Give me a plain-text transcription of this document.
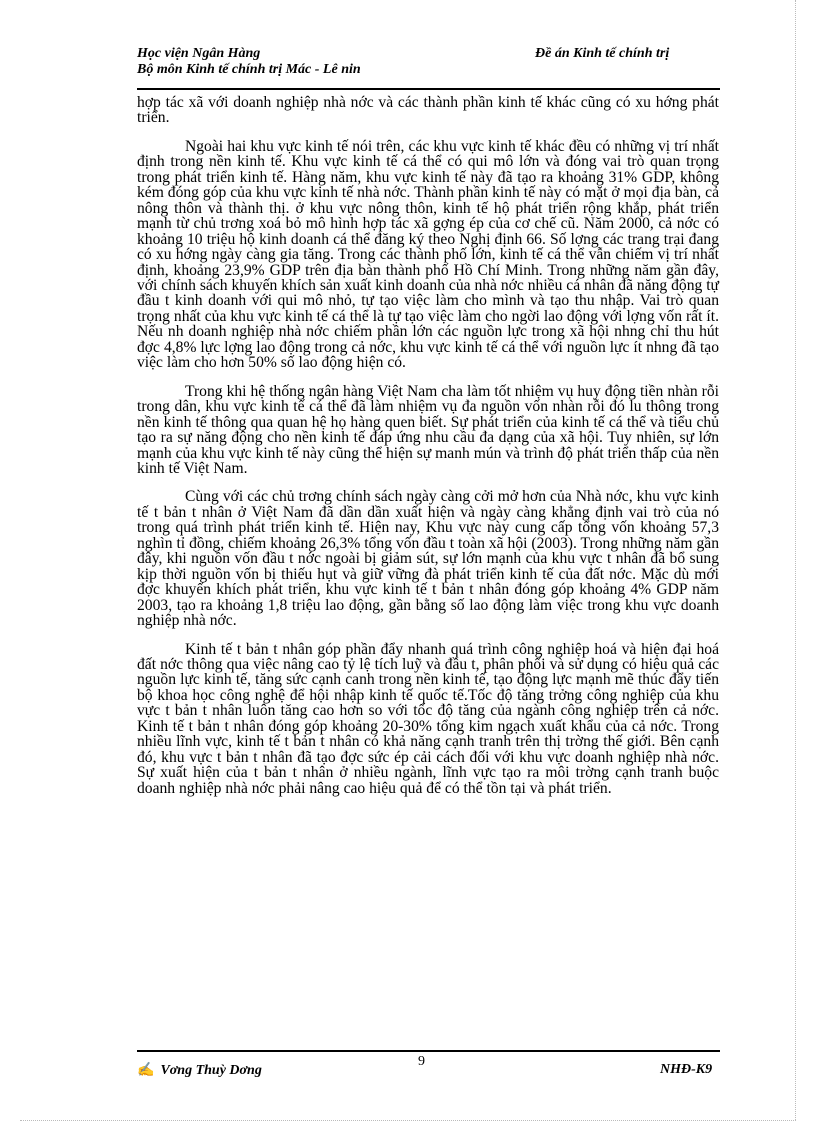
Học viện Ngân Hàng
Bộ môn Kinh tế chính trị Mác - Lê nin
Đề án Kinh tế chính trị

hợp tác xã với doanh nghiệp nhà nớc và các thành phần kinh tế khác cũng có xu hớng phát triển.

Ngoài hai khu vực kinh tế nói trên, các khu vực kinh tế khác đều có những vị trí nhất định trong nền kinh tế. Khu vực kinh tế cá thể có qui mô lớn và đóng vai trò quan trọng trong phát triển kinh tế. Hàng năm, khu vực kinh tế này đã tạo ra khoảng 31% GDP, không kém đóng góp của khu vực kinh tế nhà nớc. Thành phần kinh tế này có mặt ở mọi địa bàn, cả nông thôn và thành thị. ở khu vực nông thôn, kinh tế hộ phát triển rộng khắp, phát triển mạnh từ chủ trơng xoá bỏ mô hình hợp tác xã gợng ép của cơ chế cũ. Năm 2000, cả nớc có khoảng 10 triệu hộ kinh doanh cá thể đăng ký theo Nghị định 66. Số lợng các trang trại đang có xu hớng ngày càng gia tăng. Trong các thành phố lớn, kinh tế cá thể vẫn chiếm vị trí nhất định, khoảng 23,9% GDP trên địa bàn thành phố Hồ Chí Minh. Trong những năm gần đây, với chính sách khuyến khích sản xuất kinh doanh của nhà nớc nhiều cá nhân đã năng động tự đầu t kinh doanh với qui mô nhỏ, tự tạo việc làm cho mình và tạo thu nhập. Vai trò quan trọng nhất của khu vực kinh tế cá thể là tự tạo việc làm cho ngời lao động với lợng vốn rất ít. Nếu nh doanh nghiệp nhà nớc chiếm phần lớn các nguồn lực trong xã hội nhng chỉ thu hút đợc 4,8% lực lợng lao động trong cả nớc, khu vực kinh tế cá thể với nguồn lực ít nhng đã tạo việc làm cho hơn 50% số lao động hiện có.

Trong khi hệ thống ngân hàng Việt Nam cha làm tốt nhiệm vụ huy động tiền nhàn rỗi trong dân, khu vực kinh tế cá thể đã làm nhiệm vụ đa nguồn vốn nhàn rỗi đó lu thông trong nền kinh tế thông qua quan hệ họ hàng quen biết. Sự phát triển của kinh tế cá thể và tiểu chủ tạo ra sự năng động cho nền kinh tế đáp ứng nhu cầu đa dạng của xã hội. Tuy nhiên, sự lớn mạnh của khu vực kinh tế này cũng thể hiện sự manh mún và trình độ phát triển thấp của nền kinh tế Việt Nam.

Cùng với các chủ trơng chính sách ngày càng cởi mở hơn của Nhà nớc, khu vực kinh tế t bản t nhân ở Việt Nam đã dần dần xuất hiện và ngày càng khẳng định vai trò của nó trong quá trình phát triển kinh tế. Hiện nay, Khu vực này cung cấp tổng vốn khoảng 57,3 nghìn tỉ đồng, chiếm khoảng 26,3% tổng vốn đầu t toàn xã hội (2003). Trong những năm gần đây, khi nguồn vốn đầu t nớc ngoài bị giảm sút, sự lớn mạnh của khu vực t nhân đã bổ sung kịp thời nguồn vốn bị thiếu hụt và giữ vững đà phát triển kinh tế của đất nớc. Mặc dù mới đợc khuyến khích phát triển, khu vực kinh tế t bản t nhân đóng góp khoảng 4% GDP năm 2003, tạo ra khoảng 1,8 triệu lao động, gần bằng số lao động làm việc trong khu vực doanh nghiệp nhà nớc.

Kinh tế t bản t nhân góp phần đẩy nhanh quá trình công nghiệp hoá và hiện đại hoá đất nớc thông qua việc nâng cao tỷ lệ tích luỹ và đầu t, phân phối và sử dụng có hiệu quả các nguồn lực kinh tế, tăng sức cạnh canh trong nền kinh tế, tạo động lực mạnh mẽ thúc đẩy tiến bộ khoa học công nghệ để hội nhập kinh tế quốc tế.Tốc độ tăng trởng công nghiệp của khu vực t bản t nhân luôn tăng cao hơn so với tốc độ tăng của ngành công nghiệp trên cả nớc. Kinh tế t bản t nhân đóng góp khoảng 20-30% tổng kim ngạch xuất khẩu của cả nớc. Trong nhiều lĩnh vực, kinh tế t bản t nhân có khả năng cạnh tranh trên thị trờng thế giới. Bên cạnh đó, khu vực t bản t nhân đã tạo đợc sức ép cải cách đối với khu vực doanh nghiệp nhà nớc. Sự xuất hiện của t bản t nhân ở nhiều ngành, lĩnh vực tạo ra môi trờng cạnh tranh buộc doanh nghiệp nhà nớc phải nâng cao hiệu quả để có thể tồn tại và phát triển.

9
✍ Vơng Thuỳ Dơng	NHĐ-K9
